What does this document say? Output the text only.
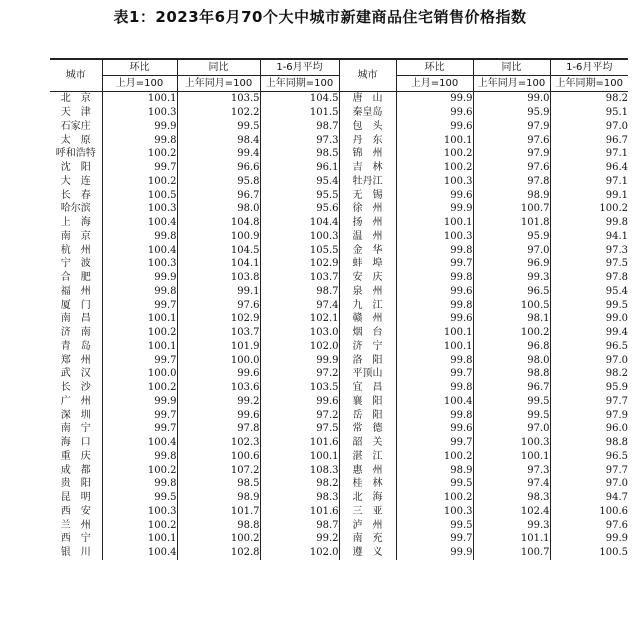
表1：2023年6月70个大中城市新建商品住宅销售价格指数
城市	环比	同比	1-6月平均	城市	环比	同比	1-6月平均
	上月=100	上年同月=100	上年同期=100		上月=100	上年同月=100	上年同期=100
北　京	100.1	103.5	104.5	唐　山	99.9	99.0	98.2
天　津	100.3	102.2	101.5	秦皇岛	99.6	95.9	95.1
石家庄	99.9	99.5	98.7	包　头	99.6	97.9	97.0
太　原	99.8	98.4	97.3	丹　东	100.1	97.6	96.7
呼和浩特	100.2	99.4	98.5	锦　州	100.2	97.9	97.1
沈　阳	99.7	96.6	96.1	吉　林	100.2	97.6	96.4
大　连	100.2	95.8	95.4	牡丹江	100.3	97.8	97.1
长　春	100.5	96.7	95.5	无　锡	99.6	98.9	99.1
哈尔滨	100.3	98.0	95.6	徐　州	99.9	100.7	100.2
上　海	100.4	104.8	104.4	扬　州	100.1	101.8	99.8
南　京	99.8	100.9	100.3	温　州	100.3	95.9	94.1
杭　州	100.4	104.5	105.5	金　华	99.8	97.0	97.3
宁　波	100.3	104.1	102.9	蚌　埠	99.7	96.9	97.5
合　肥	99.9	103.8	103.7	安　庆	99.8	99.3	97.8
福　州	99.8	99.1	98.7	泉　州	99.6	96.5	95.4
厦　门	99.7	97.6	97.4	九　江	99.8	100.5	99.5
南　昌	100.1	102.9	102.1	赣　州	99.6	98.1	99.0
济　南	100.2	103.7	103.0	烟　台	100.1	100.2	99.4
青　岛	100.1	101.9	102.0	济　宁	100.1	96.8	96.5
郑　州	99.7	100.0	99.9	洛　阳	99.8	98.0	97.0
武　汉	100.0	99.6	97.2	平顶山	99.7	98.8	98.2
长　沙	100.2	103.6	103.5	宜　昌	99.8	96.7	95.9
广　州	99.9	99.2	99.6	襄　阳	100.4	99.5	97.7
深　圳	99.7	99.6	97.2	岳　阳	99.8	99.5	97.9
南　宁	99.7	97.8	97.5	常　德	99.6	97.0	96.0
海　口	100.4	102.3	101.6	韶　关	99.7	100.3	98.8
重　庆	99.8	100.6	100.1	湛　江	100.2	100.1	96.5
成　都	100.2	107.2	108.3	惠　州	98.9	97.3	97.7
贵　阳	99.8	98.5	98.2	桂　林	99.5	97.4	97.0
昆　明	99.5	98.9	98.3	北　海	100.2	98.3	94.7
西　安	100.3	101.7	101.6	三　亚	100.3	102.4	100.6
兰　州	100.2	98.8	98.7	泸　州	99.5	99.3	97.6
西　宁	100.1	100.2	99.2	南　充	99.7	101.1	99.9
银　川	100.4	102.8	102.0	遵　义	99.9	100.7	100.5
